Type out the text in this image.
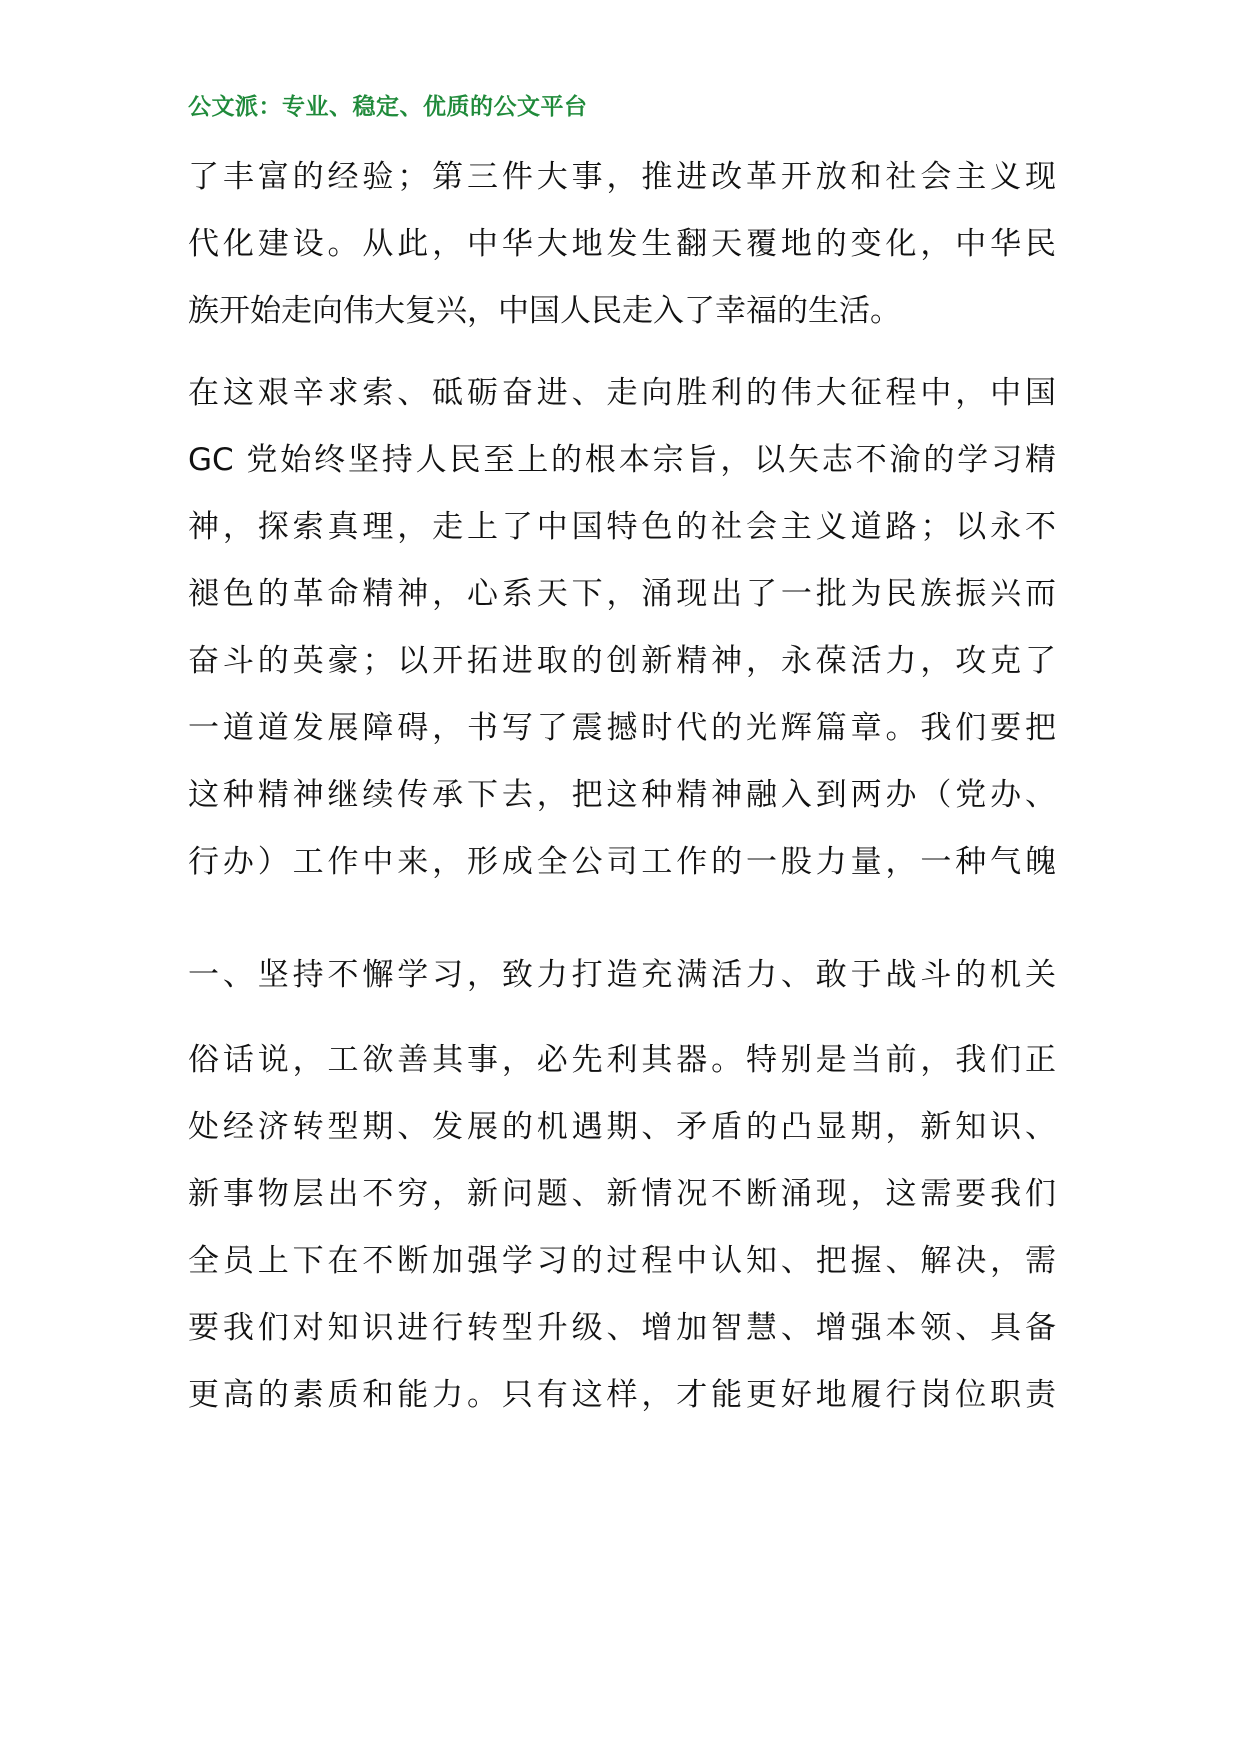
公文派：专业、稳定、优质的公文平台
了丰富的经验；第三件大事，推进改革开放和社会主义现
代化建设。从此，中华大地发生翻天覆地的变化，中华民
族开始走向伟大复兴，中国人民走入了幸福的生活。
在这艰辛求索、砥砺奋进、走向胜利的伟大征程中，中国
GC 党始终坚持人民至上的根本宗旨，以矢志不渝的学习精
神，探索真理，走上了中国特色的社会主义道路；以永不
褪色的革命精神，心系天下，涌现出了一批为民族振兴而
奋斗的英豪；以开拓进取的创新精神，永葆活力，攻克了
一道道发展障碍，书写了震撼时代的光辉篇章。我们要把
这种精神继续传承下去，把这种精神融入到两办（党办、
行办）工作中来，形成全公司工作的一股力量，一种气魄
一、坚持不懈学习，致力打造充满活力、敢于战斗的机关
俗话说，工欲善其事，必先利其器。特别是当前，我们正
处经济转型期、发展的机遇期、矛盾的凸显期，新知识、
新事物层出不穷，新问题、新情况不断涌现，这需要我们
全员上下在不断加强学习的过程中认知、把握、解决，需
要我们对知识进行转型升级、增加智慧、增强本领、具备
更高的素质和能力。只有这样，才能更好地履行岗位职责
